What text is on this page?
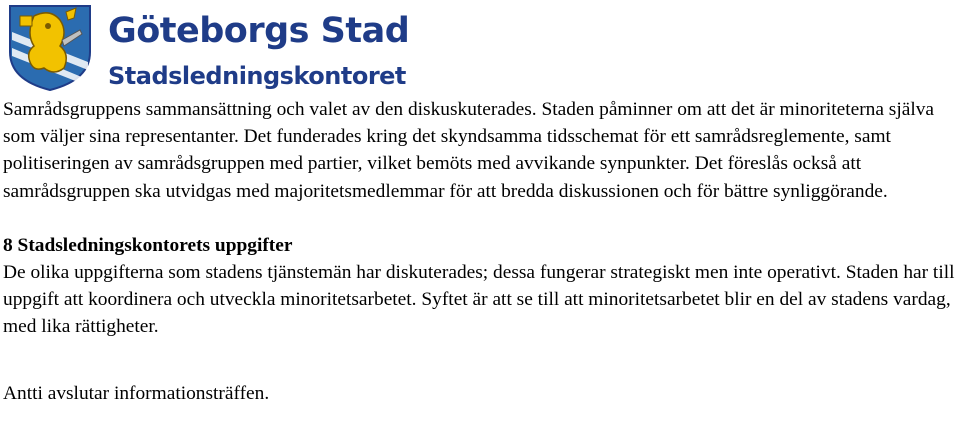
Göteborgs Stad
Stadsledningskontoret

Samrådsgruppens sammansättning och valet av den diskuskuterades. Staden påminner om att det är minoriteterna själva som väljer sina representanter. Det funderades kring det skyndsamma tidsschemat för ett samrådsreglemente, samt politiseringen av samrådsgruppen med partier, vilket bemöts med avvikande synpunkter. Det föreslås också att samrådsgruppen ska utvidgas med majoritetsmedlemmar för att bredda diskussionen och för bättre synliggörande.

8 Stadsledningskontorets uppgifter

De olika uppgifterna som stadens tjänstemän har diskuterades; dessa fungerar strategiskt men inte operativt. Staden har till uppgift att koordinera och utveckla minoritetsarbetet. Syftet är att se till att minoritetsarbetet blir en del av stadens vardag, med lika rättigheter.

Antti avslutar informationsträffen.
